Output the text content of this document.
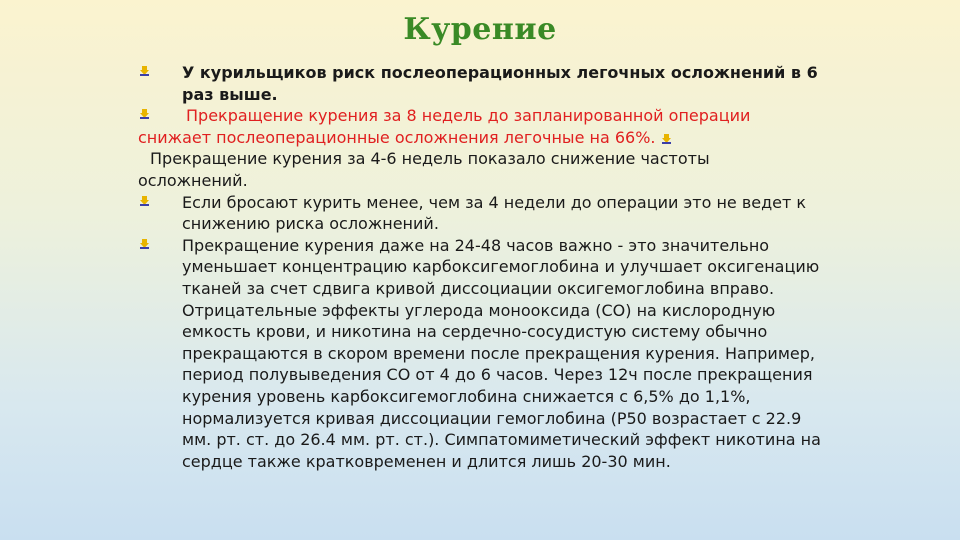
Курение
У курильщиков риск послеоперационных легочных осложнений в 6 раз выше.
Прекращение курения за 8 недель до запланированной операции
снижает послеоперационные осложнения легочные на 66%.
Прекращение курения за 4-6 недель показало снижение частоты
осложнений.
Если бросают курить менее, чем за 4 недели до операции это не ведет к снижению риска осложнений.
Прекращение курения даже на 24-48 часов важно - это значительно уменьшает концентрацию карбоксигемоглобина и улучшает оксигенацию тканей за счет сдвига кривой диссоциации оксигемоглобина вправо. Отрицательные эффекты углерода монооксида (СО) на кислородную емкость крови, и никотина на сердечно-сосудистую систему обычно прекращаются в скором времени после прекращения курения. Например, период полувыведения СО от 4 до 6 часов. Через 12ч после прекращения курения уровень карбоксигемоглобина снижается с 6,5% до 1,1%, нормализуется кривая диссоциации гемоглобина (Р50 возрастает с 22.9 мм. рт. ст. до 26.4 мм. рт. ст.). Симпатомиметический эффект никотина на сердце также кратковременен и длится лишь 20-30 мин.
